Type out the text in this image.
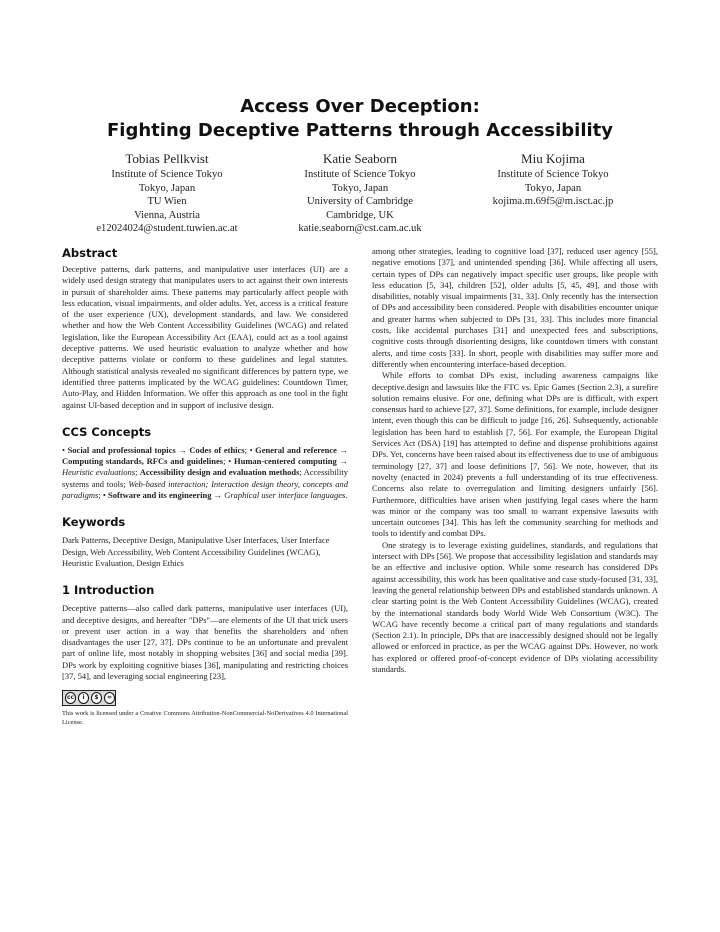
Access Over Deception:
Fighting Deceptive Patterns through Accessibility
Tobias Pellkvist
Institute of Science Tokyo
Tokyo, Japan
TU Wien
Vienna, Austria
e12024024@student.tuwien.ac.at
Katie Seaborn
Institute of Science Tokyo
Tokyo, Japan
University of Cambridge
Cambridge, UK
katie.seaborn@cst.cam.ac.uk
Miu Kojima
Institute of Science Tokyo
Tokyo, Japan
kojima.m.69f5@m.isct.ac.jp
Abstract

Deceptive patterns, dark patterns, and manipulative user interfaces (UI) are a widely used design strategy that manipulates users to act against their own interests in pursuit of shareholder aims. These patterns may particularly affect people with less education, visual impairments, and older adults. Yet, access is a critical feature of the user experience (UX), development standards, and law. We considered whether and how the Web Content Accessibility Guidelines (WCAG) and related legislation, like the European Accessibility Act (EAA), could act as a tool against deceptive patterns. We used heuristic evaluation to analyze whether and how deceptive patterns violate or conform to these guidelines and legal statutes. Although statistical analysis revealed no significant differences by pattern type, we identified three patterns implicated by the WCAG guidelines: Countdown Timer, Auto-Play, and Hidden Information. We offer this approach as one tool in the fight against UI-based deception and in support of inclusive design.

CCS Concepts
• Social and professional topics → Codes of ethics; • General and reference → Computing standards, RFCs and guidelines; • Human-centered computing → Heuristic evaluations; Accessibility design and evaluation methods; Accessibility systems and tools; Web-based interaction; Interaction design theory, concepts and paradigms; • Software and its engineering → Graphical user interface languages.
Keywords

Dark Patterns, Deceptive Design, Manipulative User Interfaces, User Interface Design, Web Accessibility, Web Content Accessibility Guidelines (WCAG), Heuristic Evaluation, Design Ethics

1 Introduction

Deceptive patterns—also called dark patterns, manipulative user interfaces (UI), and deceptive designs, and hereafter "DPs"—are elements of the UI that trick users or prevent user action in a way that benefits the shareholders and often disadvantages the user [27, 37]. DPs continue to be an unfortunate and prevalent part of online life, most notably in shopping websites [36] and social media [39]. DPs work by exploiting cognitive biases [36], manipulating and restricting choices [37, 54], and leveraging social engineering [23],

cc	i	$	=
This work is licensed under a Creative Commons Attribution-NonCommercial-NoDerivatives 4.0 International License.

among other strategies, leading to cognitive load [37], reduced user agency [55], negative emotions [37], and unintended spending [36]. While affecting all users, certain types of DPs can negatively impact specific user groups, like people with less education [5, 34], children [52], older adults [5, 45, 49], and those with disabilities, notably visual impairments [31, 33]. Only recently has the intersection of DPs and accessibility been considered. People with disabilities encounter unique and greater harms when subjected to DPs [31, 33]. This includes more financial costs, like accidental purchases [31] and unexpected fees and subscriptions, cognitive costs through disorienting designs, like countdown timers with constant alerts, and time costs [33]. In short, people with disabilities may suffer more and differently when encountering interface-based deception.

While efforts to combat DPs exist, including awareness campaigns like deceptive.design and lawsuits like the FTC vs. Epic Games (Section 2.3), a surefire solution remains elusive. For one, defining what DPs are is difficult, with expert consensus hard to achieve [27, 37]. Some definitions, for example, include designer intent, even though this can be difficult to judge [16, 26]. Subsequently, actionable legislation has been hard to establish [7, 56]. For example, the European Digital Services Act (DSA) [19] has attempted to define and dispense prohibitions against DPs. Yet, concerns have been raised about its effectiveness due to use of ambiguous terminology [27, 37] and loose definitions [7, 56]. We note, however, that its novelty (enacted in 2024) prevents a full understanding of its true effectiveness. Concerns also relate to overregulation and limiting designers unfairly [56]. Furthermore, difficulties have arisen when justifying legal cases where the harm was minor or the company was too small to warrant expensive lawsuits with uncertain outcomes [34]. This has left the community searching for methods and tools to identify and combat DPs.

One strategy is to leverage existing guidelines, standards, and regulations that intersect with DPs [56]. We propose that accessibility legislation and standards may be an effective and inclusive option. While some research has considered DPs against accessibility, this work has been qualitative and case study-focused [31, 33], leaving the general relationship between DPs and established standards unknown. A clear starting point is the Web Content Accessibility Guidelines (WCAG), created by the international standards body World Wide Web Consortium (W3C). The WCAG have recently become a critical part of many regulations and standards (Section 2.1). In principle, DPs that are inaccessibly designed should not be legally allowed or enforced in practice, as per the WCAG against DPs. However, no work has explored or offered proof-of-concept evidence of DPs violating accessibility standards.
